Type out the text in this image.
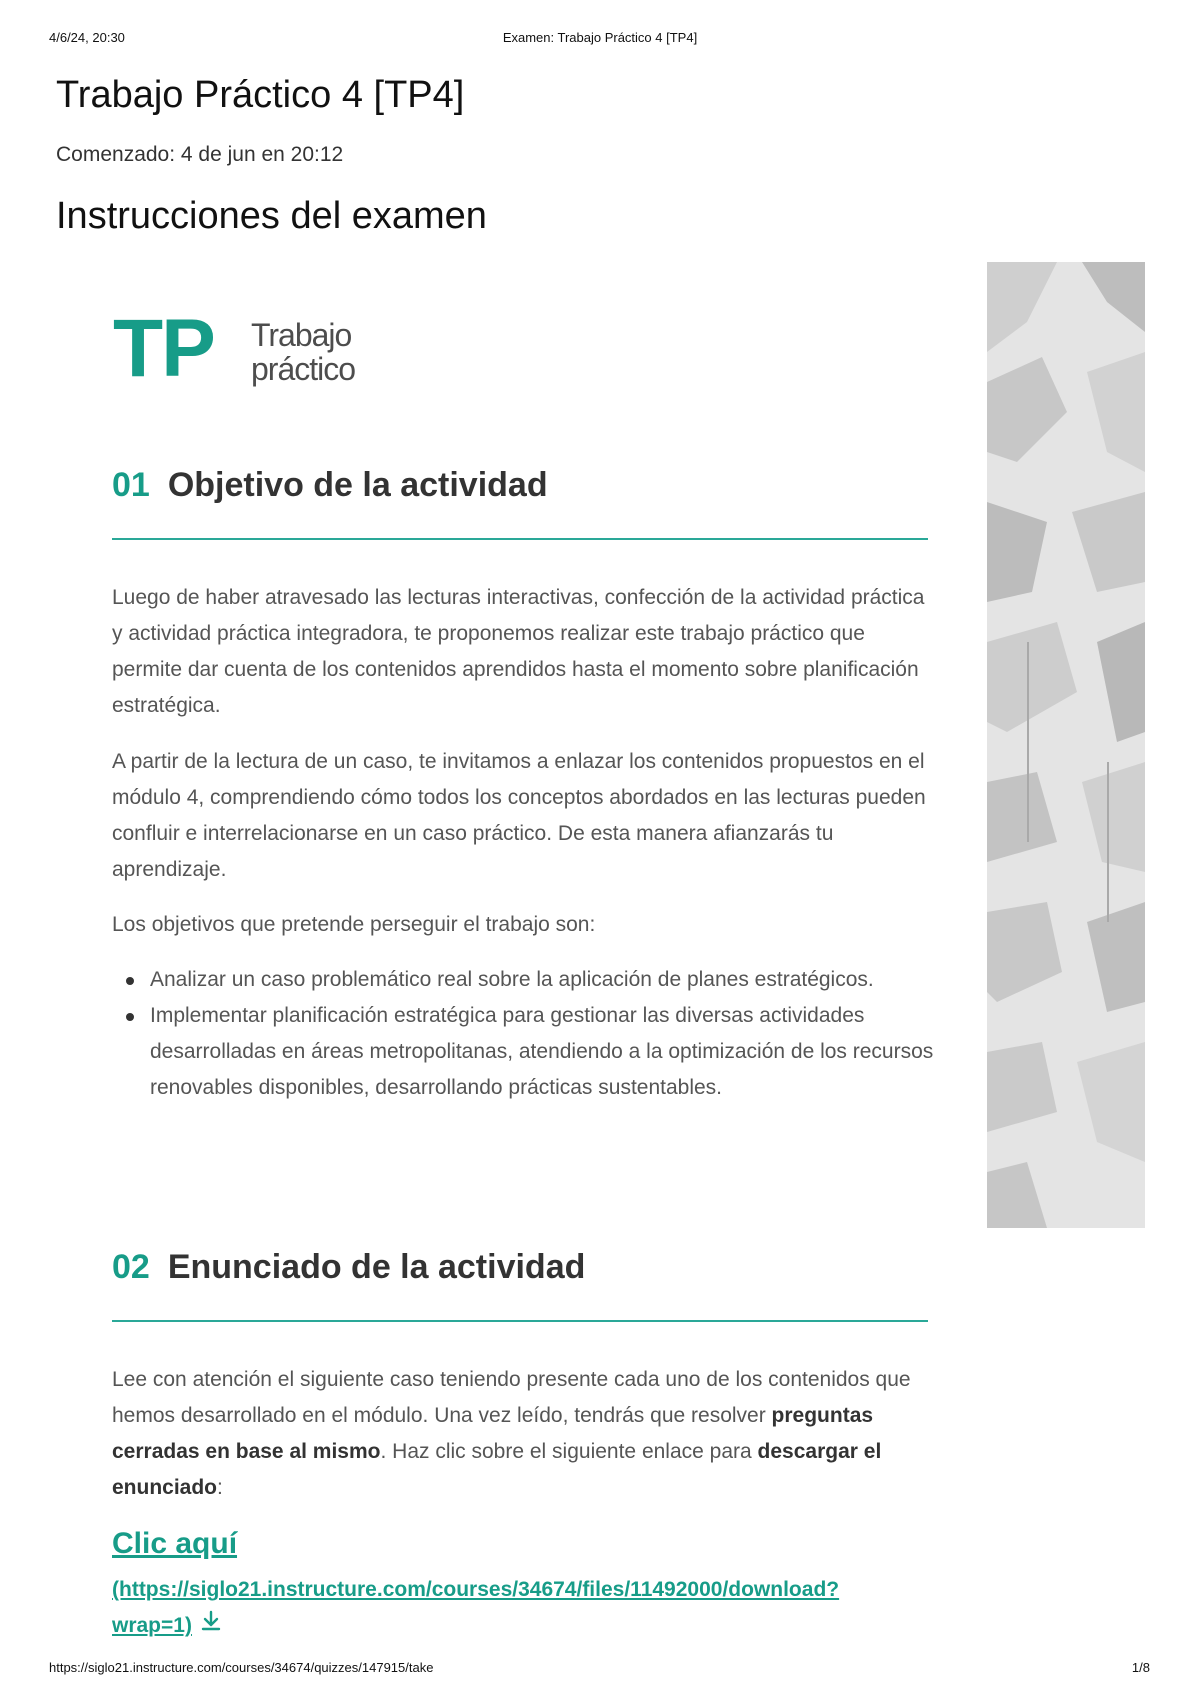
4/6/24, 20:30	Examen: Trabajo Práctico 4 [TP4]
Trabajo Práctico 4 [TP4]
Comenzado: 4 de jun en 20:12
Instrucciones del examen
TP Trabajo
práctico
01 Objetivo de la actividad

Luego de haber atravesado las lecturas interactivas, confección de la actividad práctica y actividad práctica integradora, te proponemos realizar este trabajo práctico que permite dar cuenta de los contenidos aprendidos hasta el momento sobre planificación estratégica.

A partir de la lectura de un caso, te invitamos a enlazar los contenidos propuestos en el módulo 4, comprendiendo cómo todos los conceptos abordados en las lecturas pueden confluir e interrelacionarse en un caso práctico. De esta manera afianzarás tu aprendizaje.

Los objetivos que pretende perseguir el trabajo son:

Analizar un caso problemático real sobre la aplicación de planes estratégicos.
Implementar planificación estratégica para gestionar las diversas actividades desarrolladas en áreas metropolitanas, atendiendo a la optimización de los recursos renovables disponibles, desarrollando prácticas sustentables.
02 Enunciado de la actividad

Lee con atención el siguiente caso teniendo presente cada uno de los contenidos que hemos desarrollado en el módulo. Una vez leído, tendrás que resolver preguntas cerradas en base al mismo. Haz clic sobre el siguiente enlace para descargar el enunciado:

Clic aquí
(https://siglo21.instructure.com/courses/34674/files/11492000/download?wrap=1)
https://siglo21.instructure.com/courses/34674/quizzes/147915/take	1/8
